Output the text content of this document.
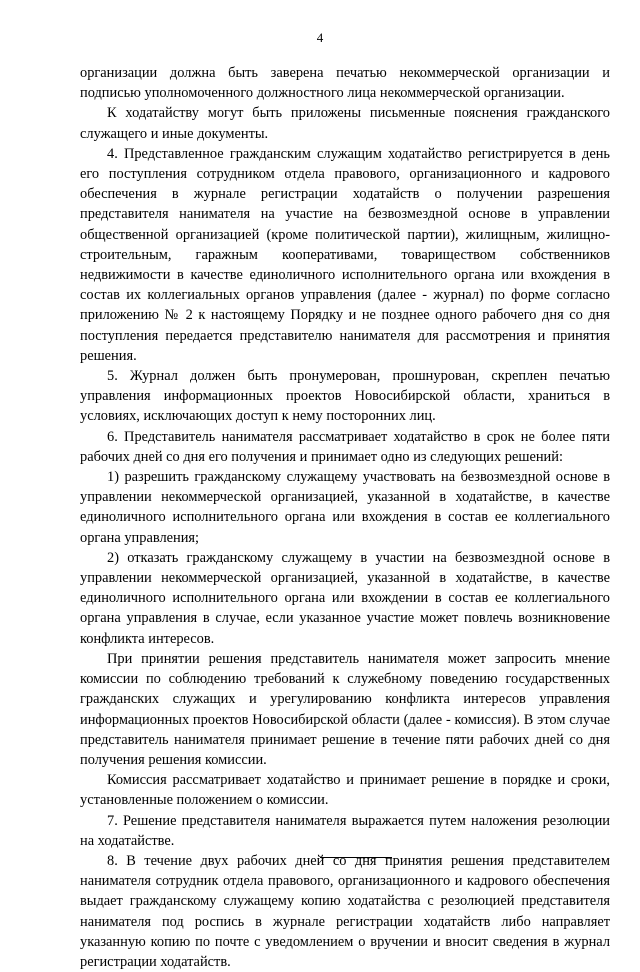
4

организации должна быть заверена печатью некоммерческой организации и подписью уполномоченного должностного лица некоммерческой организации.

К ходатайству могут быть приложены письменные пояснения гражданского служащего и иные документы.

4. Представленное гражданским служащим ходатайство регистрируется в день его поступления сотрудником отдела правового, организационного и кадрового обеспечения в журнале регистрации ходатайств о получении разрешения представителя нанимателя на участие на безвозмездной основе в управлении общественной организацией (кроме политической партии), жилищным, жилищно-строительным, гаражным кооперативами, товариществом собственников недвижимости в качестве единоличного исполнительного органа или вхождения в состав их коллегиальных органов управления (далее - журнал) по форме согласно приложению № 2 к настоящему Порядку и не позднее одного рабочего дня со дня поступления передается представителю нанимателя для рассмотрения и принятия решения.

5. Журнал должен быть пронумерован, прошнурован, скреплен печатью управления информационных проектов Новосибирской области, храниться в условиях, исключающих доступ к нему посторонних лиц.

6. Представитель нанимателя рассматривает ходатайство в срок не более пяти рабочих дней со дня его получения и принимает одно из следующих решений:

1) разрешить гражданскому служащему участвовать на безвозмездной основе в управлении некоммерческой организацией, указанной в ходатайстве, в качестве единоличного исполнительного органа или вхождения в состав ее коллегиального органа управления;

2) отказать гражданскому служащему в участии на безвозмездной основе в управлении некоммерческой организацией, указанной в ходатайстве, в качестве единоличного исполнительного органа или вхождении в состав ее коллегиального органа управления в случае, если указанное участие может повлечь возникновение конфликта интересов.

При принятии решения представитель нанимателя может запросить мнение комиссии по соблюдению требований к служебному поведению государственных гражданских служащих и урегулированию конфликта интересов управления информационных проектов Новосибирской области (далее - комиссия). В этом случае представитель нанимателя принимает решение в течение пяти рабочих дней со дня получения решения комиссии.

Комиссия рассматривает ходатайство и принимает решение в порядке и сроки, установленные положением о комиссии.

7. Решение представителя нанимателя выражается путем наложения резолюции на ходатайстве.

8. В течение двух рабочих дней со дня принятия решения представителем нанимателя сотрудник отдела правового, организационного и кадрового обеспечения выдает гражданскому служащему копию ходатайства с резолюцией представителя нанимателя под роспись в журнале регистрации ходатайств либо направляет указанную копию по почте с уведомлением о вручении и вносит сведения в журнал регистрации ходатайств.
